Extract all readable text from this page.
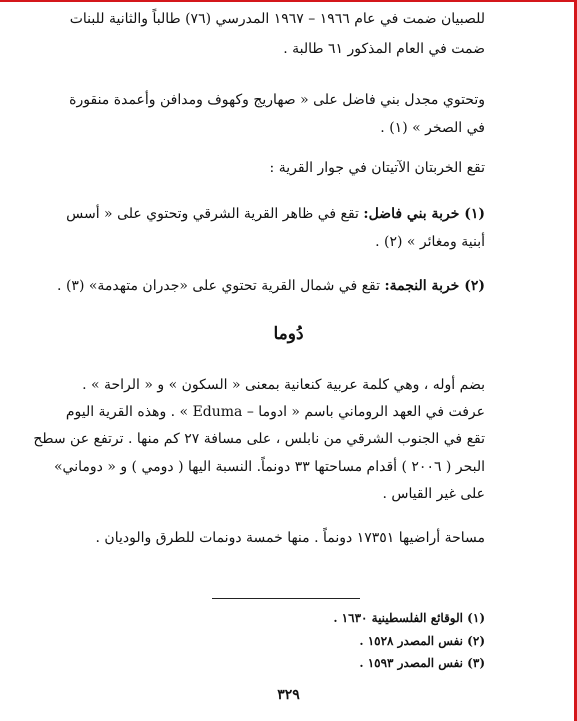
للصبيان ضمت في عام ١٩٦٦ – ١٩٦٧ المدرسي (٧٦) طالباً والثانية للبنات
ضمت في العام المذكور ٦١ طالبة .
وتحتوي مجدل بني فاضل على « صهاريج وكهوف ومدافن وأعمدة منقورة
في الصخر » (١) .
تقع الخربتان الآتيتان في جوار القرية :
(١) خربة بني فاضل: تقع في ظاهر القرية الشرقي وتحتوي على « أسس
أبنية ومغائر » (٢) .
(٢) خربة النجمة: تقع في شمال القرية تحتوي على «جدران متهدمة» (٣) .
دُوما
بضم أوله ، وهي كلمة عربية كنعانية بمعنى « السكون » و « الراحة » .
عرفت في العهد الروماني باسم « ادوما – Eduma » . وهذه القرية اليوم
تقع في الجنوب الشرقي من نابلس ، على مسافة ٢٧ كم منها . ترتفع عن سطح
البحر ( ٢٠٠٦ ) أقدام مساحتها ٣٣ دونماً. النسبة اليها ( دومي ) و « دوماني»
على غير القياس .
مساحة أراضيها ١٧٣٥١ دونماً . منها خمسة دونمات للطرق والوديان .
(١) الوقائع الفلسطينية ١٦٣٠ .
(٢) نفس المصدر ١٥٢٨ .
(٣) نفس المصدر ١٥٩٣ .
٣٢٩
